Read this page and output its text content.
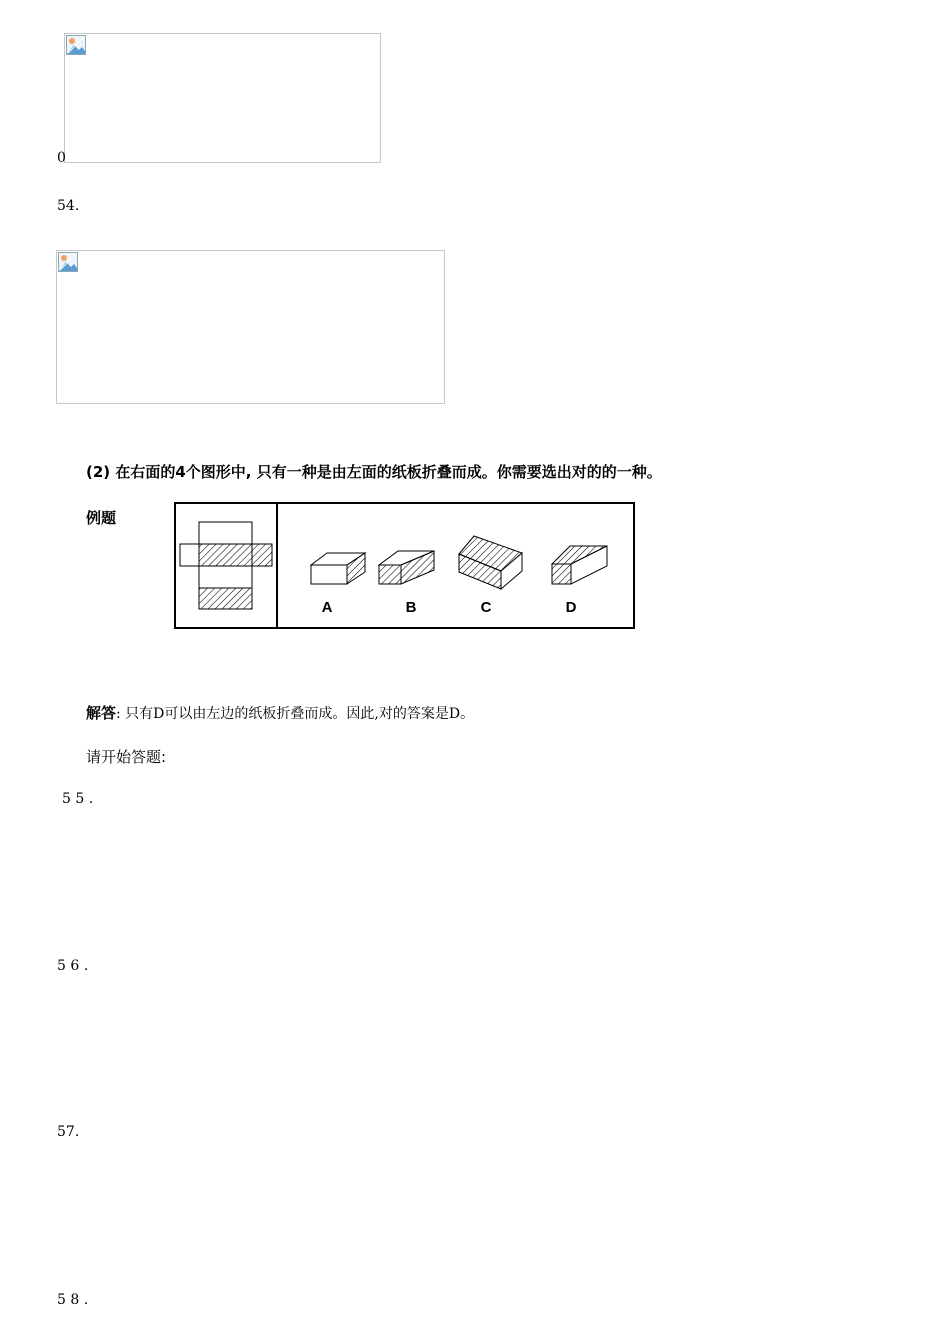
0
54.
(2) 在右面的4个图形中, 只有一种是由左面的纸板折叠而成。你需要选出对的的一种。
例题
A	B	C	D
解答: 只有D可以由左边的纸板折叠而成。因此,对的答案是D。
请开始答题:
5 5 .
5 6 .
57.
5 8 .
